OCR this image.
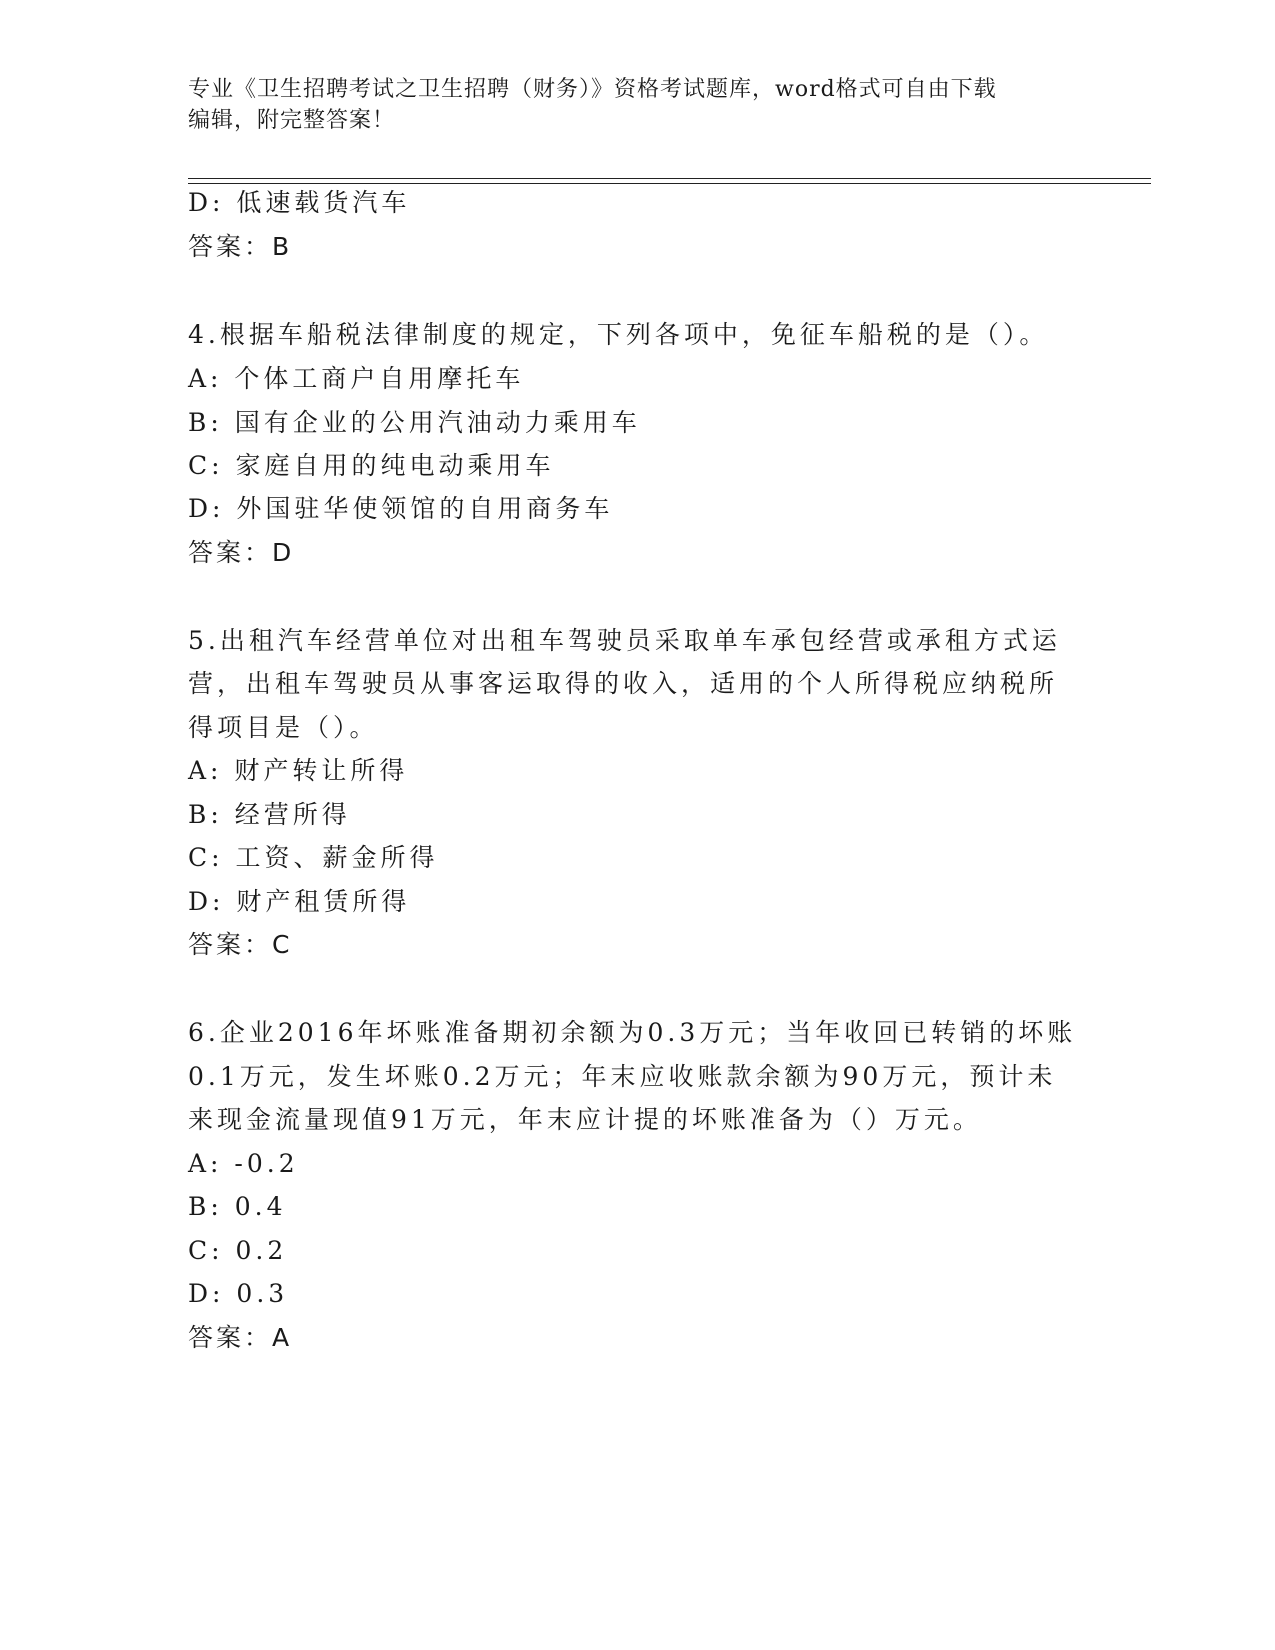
专业《卫生招聘考试之卫生招聘（财务）》资格考试题库，word格式可自由下载
编辑，附完整答案！
D: 低速载货汽车
答案：B
4.根据车船税法律制度的规定，下列各项中，免征车船税的是（）。
A: 个体工商户自用摩托车
B: 国有企业的公用汽油动力乘用车
C: 家庭自用的纯电动乘用车
D: 外国驻华使领馆的自用商务车
答案：D
5.出租汽车经营单位对出租车驾驶员采取单车承包经营或承租方式运
营，出租车驾驶员从事客运取得的收入，适用的个人所得税应纳税所
得项目是（）。
A: 财产转让所得
B: 经营所得
C: 工资、薪金所得
D: 财产租赁所得
答案：C
6.企业2016年坏账准备期初余额为0.3万元；当年收回已转销的坏账
0.1万元，发生坏账0.2万元；年末应收账款余额为90万元，预计未
来现金流量现值91万元，年末应计提的坏账准备为（）万元。
A: -0.2
B: 0.4
C: 0.2
D: 0.3
答案：A
